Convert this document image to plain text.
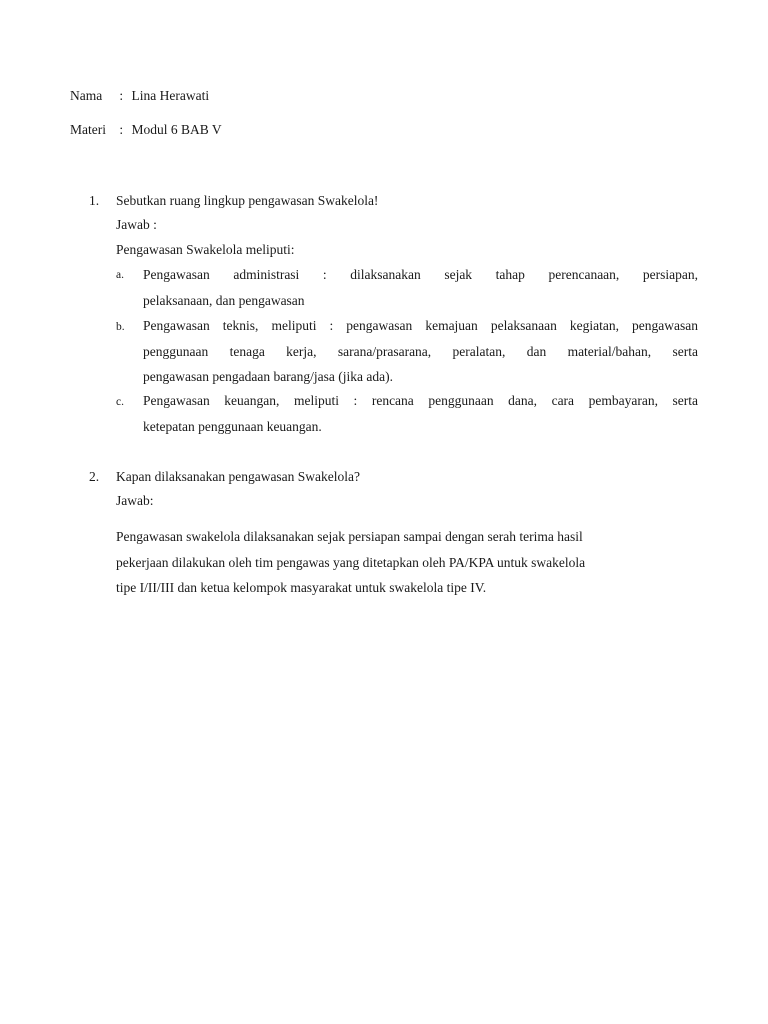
Nama : Lina Herawati
Materi : Modul 6 BAB V
1. Sebutkan ruang lingkup pengawasan Swakelola!
Jawab :
Pengawasan Swakelola meliputi:
a. Pengawasan administrasi : dilaksanakan sejak tahap perencanaan, persiapan,
pelaksanaan, dan pengawasan
b. Pengawasan teknis, meliputi : pengawasan kemajuan pelaksanaan kegiatan, pengawasan
penggunaan tenaga kerja, sarana/prasarana, peralatan, dan material/bahan, serta
pengawasan pengadaan barang/jasa (jika ada).
c. Pengawasan keuangan, meliputi : rencana penggunaan dana, cara pembayaran, serta
ketepatan penggunaan keuangan.
2. Kapan dilaksanakan pengawasan Swakelola?
Jawab:
Pengawasan swakelola dilaksanakan sejak persiapan sampai dengan serah terima hasil
pekerjaan dilakukan oleh tim pengawas yang ditetapkan oleh PA/KPA untuk swakelola
tipe I/II/III dan ketua kelompok masyarakat untuk swakelola tipe IV.
